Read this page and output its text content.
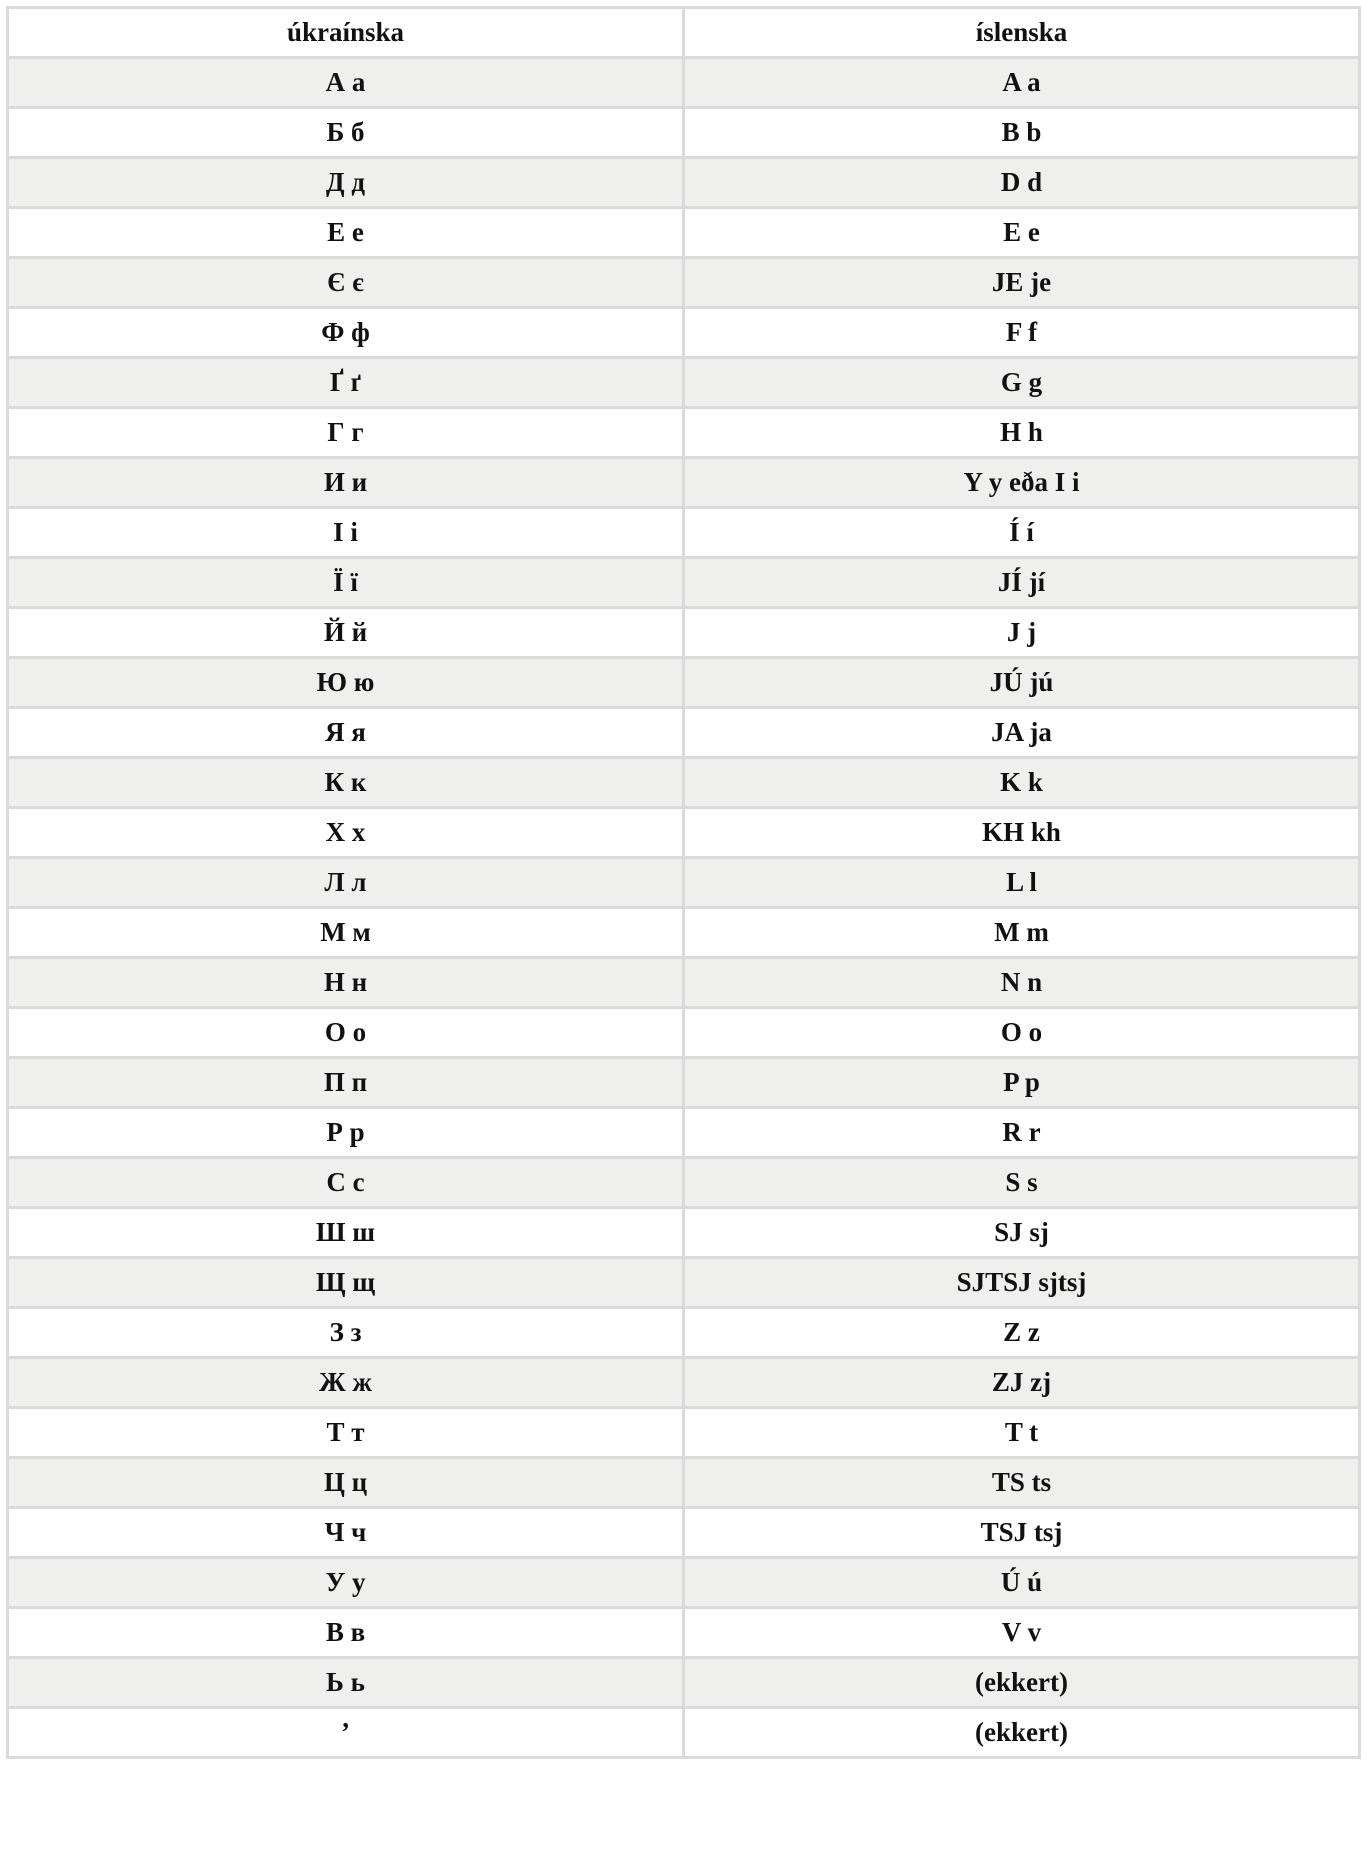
úkraínska	íslenska
А а	A a
Б б	B b
Д д	D d
Е е	E e
Є є	JE je
Ф ф	F f
Ґ ґ	G g
Г г	H h
И и	Y y eða I i
І і	Í í
Ї ї	JÍ jí
Й й	J j
Ю ю	JÚ jú
Я я	JA ja
К к	K k
Х х	KH kh
Л л	L l
М м	M m
Н н	N n
О о	O o
П п	P p
Р р	R r
С с	S s
Ш ш	SJ sj
Щ щ	SJTSJ sjtsj
З з	Z z
Ж ж	ZJ zj
Т т	T t
Ц ц	TS ts
Ч ч	TSJ tsj
У у	Ú ú
В в	V v
Ь ь	(ekkert)
’	(ekkert)
